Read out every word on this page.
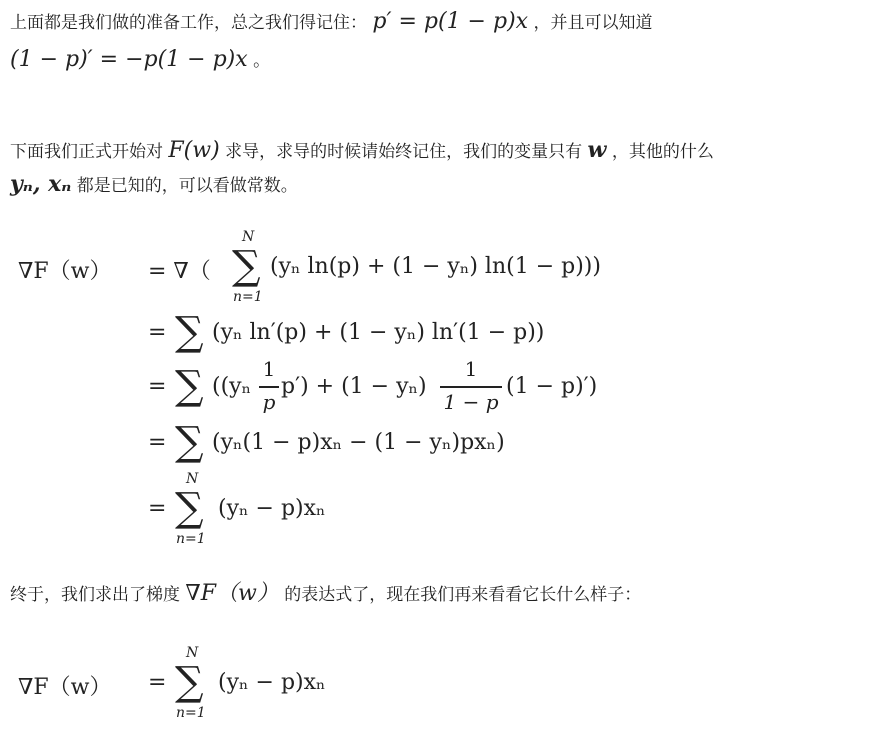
上面都是我们做的准备工作，总之我们得记住： p′ = p(1 − p)x ，并且可以知道
(1 − p)′ = −p(1 − p)x 。
下面我们正式开始对 F(w) 求导，求导的时候请始终记住，我们的变量只有 w ，其他的什么
yₙ, xₙ 都是已知的，可以看做常数。
∇F（w） = ∇（
N
∑
n=1
(yₙ ln(p) + (1 − yₙ) ln(1 − p)))
= ∑ (yₙ ln′(p) + (1 − yₙ) ln′(1 − p))
= ∑ ((yₙ
1
p
p′) + (1 − yₙ)
1
1 − p
(1 − p)′)
= ∑ (yₙ(1 − p)xₙ − (1 − yₙ)pxₙ)
=
N
∑
n=1
(yₙ − p)xₙ
终于，我们求出了梯度 ∇F（w） 的表达式了，现在我们再来看看它长什么样子：
∇F（w） =
N
∑
n=1
(yₙ − p)xₙ
